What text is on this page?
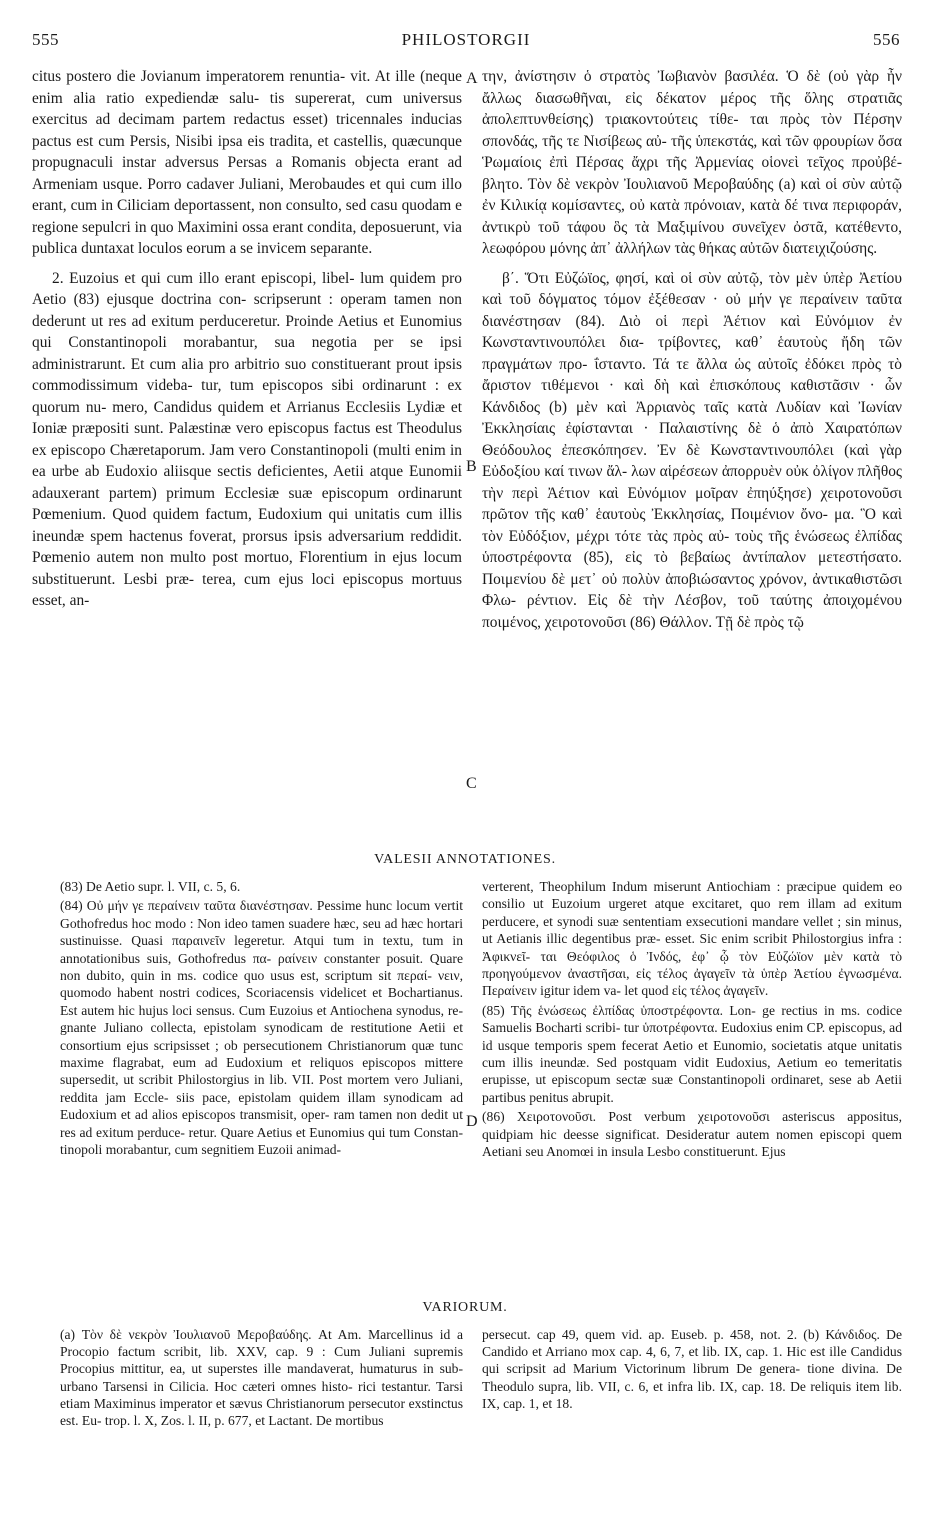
555	PHILOSTORGII	556

citus postero die Jovianum imperatorem renuntia- vit. At ille (neque enim alia ratio expediendæ salu- tis supererat, cum universus exercitus ad decimam partem redactus esset) tricennales inducias pactus est cum Persis, Nisibi ipsa eis tradita, et castellis, quæcunque propugnaculi instar adversus Persas a Romanis objecta erant ad Armeniam usque. Porro cadaver Juliani, Merobaudes et qui cum illo erant, cum in Ciliciam deportassent, non consulto, sed casu quodam e regione sepulcri in quo Maximini ossa erant condita, deposuerunt, via publica duntaxat loculos eorum a se invicem separante.

2. Euzoius et qui cum illo erant episcopi, libel- lum quidem pro Aetio (83) ejusque doctrina con- scripserunt : operam tamen non dederunt ut res ad exitum perduceretur. Proinde Aetius et Eunomius qui Constantinopoli morabantur, sua negotia per se ipsi administrarunt. Et cum alia pro arbitrio suo constituerant prout ipsis commodissimum videba- tur, tum episcopos sibi ordinarunt : ex quorum nu- mero, Candidus quidem et Arrianus Ecclesiis Lydiæ et Ioniæ præpositi sunt. Palæstinæ vero episcopus factus est Theodulus ex episcopo Chæretaporum. Jam vero Constantinopoli (multi enim in ea urbe ab Eudoxio aliisque sectis deficientes, Aetii atque Eunomii adauxerant partem) primum Ecclesiæ suæ episcopum ordinarunt Pœmenium. Quod quidem factum, Eudoxium qui unitatis cum illis ineundæ spem hactenus foverat, prorsus ipsis adversarium reddidit. Pœmenio autem non multo post mortuo, Florentium in ejus locum substituerunt. Lesbi præ- terea, cum ejus loci episcopus mortuus esset, an-

A
B
C
D

την, ἀνίστησιν ὁ στρατὸς Ἰωβιανὸν βασιλέα. Ὁ δὲ (οὐ γὰρ ἦν ἄλλως διασωθῆναι, εἰς δέκατον μέρος τῆς ὅλης στρατιᾶς ἀπολεπτυνθείσης) τριακοντούτεις τίθε- ται πρὸς τὸν Πέρσην σπονδάς, τῆς τε Νισίβεως αὐ- τῆς ὑπεκστάς, καὶ τῶν φρουρίων ὅσα Ῥωμαίοις ἐπὶ Πέρσας ἄχρι τῆς Ἀρμενίας οἱονεὶ τεῖχος προὐβέ- βλητο. Τὸν δὲ νεκρὸν Ἰουλιανοῦ Μεροβαύδης (a) καὶ οἱ σὺν αὐτῷ ἐν Κιλικίᾳ κομίσαντες, οὐ κατὰ πρόνοιαν, κατὰ δέ τινα περιφοράν, ἀντικρὺ τοῦ τάφου ὃς τὰ Μαξιμίνου συνεῖχεν ὀστᾶ, κατέθεντο, λεωφόρου μόνης ἀπ᾽ ἀλλήλων τὰς θήκας αὐτῶν διατειχιζούσης.

β΄. Ὅτι Εὐζώϊος, φησί, καὶ οἱ σὺν αὐτῷ, τὸν μὲν ὑπὲρ Ἀετίου καὶ τοῦ δόγματος τόμον ἐξέθεσαν · οὐ μήν γε περαίνειν ταῦτα διανέστησαν (84). Διὸ οἱ περὶ Ἀέτιον καὶ Εὐνόμιον ἐν Κωνσταντινουπόλει δια- τρίβοντες, καθ᾽ ἑαυτοὺς ἤδη τῶν πραγμάτων προ- ΐσταντο. Τά τε ἄλλα ὡς αὐτοῖς ἐδόκει πρὸς τὸ ἄριστον τιθέμενοι · καὶ δὴ καὶ ἐπισκόπους καθιστᾶσιν · ὧν Κάνδιδος (b) μὲν καὶ Ἀρριανὸς ταῖς κατὰ Λυδίαν καὶ Ἰωνίαν Ἐκκλησίαις ἐφίστανται · Παλαιστίνης δὲ ὁ ἀπὸ Χαιρατόπων Θεόδουλος ἐπεσκόπησεν. Ἐν δὲ Κωνσταντινουπόλει (καὶ γὰρ Εὐδοξίου καί τινων ἄλ- λων αἱρέσεων ἀπορρυὲν οὐκ ὀλίγον πλῆθος τὴν περὶ Ἀέτιον καὶ Εὐνόμιον μοῖραν ἐπηύξησε) χειροτονοῦσι πρῶτον τῆς καθ᾽ ἑαυτοὺς Ἐκκλησίας, Ποιμένιον ὄνο- μα. Ὃ καὶ τὸν Εὐδόξιον, μέχρι τότε τὰς πρὸς αὐ- τοὺς τῆς ἑνώσεως ἐλπίδας ὑποστρέφοντα (85), εἰς τὸ βεβαίως ἀντίπαλον μετεστήσατο. Ποιμενίου δὲ μετ᾽ οὐ πολὺν ἀποβιώσαντος χρόνον, ἀντικαθιστῶσι Φλω- ρέντιον. Εἰς δὲ τὴν Λέσβον, τοῦ ταύτης ἀποιχομένου ποιμένος, χειροτονοῦσι (86) Θάλλον. Τῇ δὲ πρὸς τῷ

VALESII ANNOTATIONES.

(83) De Aetio supr. l. VII, c. 5, 6.

(84) Οὐ μήν γε περαίνειν ταῦτα διανέστησαν. Pessime hunc locum vertit Gothofredus hoc modo : Non ideo tamen suadere hæc, seu ad hæc hortari sustinuisse. Quasi παραινεῖν legeretur. Atqui tum in textu, tum in annotationibus suis, Gothofredus πα- ραίνειν constanter posuit. Quare non dubito, quin in ms. codice quo usus est, scriptum sit περαί- νειν, quomodo habent nostri codices, Scoriacensis videlicet et Bochartianus. Est autem hic hujus loci sensus. Cum Euzoius et Antiochena synodus, re- gnante Juliano collecta, epistolam synodicam de restitutione Aetii et consortium ejus scripsisset ; ob persecutionem Christianorum quæ tunc maxime flagrabat, eum ad Eudoxium et reliquos episcopos mittere supersedit, ut scribit Philostorgius in lib. VII. Post mortem vero Juliani, reddita jam Eccle- siis pace, epistolam quidem illam synodicam ad Eudoxium et ad alios episcopos transmisit, oper- ram tamen non dedit ut res ad exitum perduce- retur. Quare Aetius et Eunomius qui tum Constan- tinopoli morabantur, cum segnitiem Euzoii animad-

verterent, Theophilum Indum miserunt Antiochiam : præcipue quidem eo consilio ut Euzoium urgeret atque excitaret, quo rem illam ad exitum perducere, et synodi suæ sententiam exsecutioni mandare vellet ; sin minus, ut Aetianis illic degentibus præ- esset. Sic enim scribit Philostorgius infra : Ἀφικνεῖ- ται Θεόφιλος ὁ Ἰνδός, ἐφ᾽ ᾧ τὸν Εὐζώϊον μὲν κατὰ τὸ προηγούμενον ἀναστῆσαι, εἰς τέλος ἀγαγεῖν τὰ ὑπὲρ Ἀετίου ἐγνωσμένα. Περαίνειν igitur idem va- let quod εἰς τέλος ἀγαγεῖν.

(85) Τῆς ἑνώσεως ἐλπίδας ὑποστρέφοντα. Lon- ge rectius in ms. codice Samuelis Bocharti scribi- tur ὑποτρέφοντα. Eudoxius enim CP. episcopus, ad id usque temporis spem fecerat Aetio et Eunomio, societatis atque unitatis cum illis ineundæ. Sed postquam vidit Eudoxius, Aetium eo temeritatis erupisse, ut episcopum sectæ suæ Constantinopoli ordinaret, sese ab Aetii partibus penitus abrupit.

(86) Χειροτονοῦσι. Post verbum χειροτονοῦσι asteriscus appositus, quidpiam hic deesse significat. Desideratur autem nomen episcopi quem Aetiani seu Anomœi in insula Lesbo constituerunt. Ejus

VARIORUM.

(a) Τὸν δὲ νεκρὸν Ἰουλιανοῦ Μεροβαύδης. At Am. Marcellinus id a Procopio factum scribit, lib. XXV, cap. 9 : Cum Juliani supremis Procopius mittitur, ea, ut superstes ille mandaverat, humaturus in sub- urbano Tarsensi in Cilicia. Hoc cæteri omnes histo- rici testantur. Tarsi etiam Maximinus imperator et sævus Christianorum persecutor exstinctus est. Eu- trop. l. X, Zos. l. II, p. 677, et Lactant. De mortibus

persecut. cap 49, quem vid. ap. Euseb. p. 458, not. 2. (b) Κάνδιδος. De Candido et Arriano mox cap. 4, 6, 7, et lib. IX, cap. 1. Hic est ille Candidus qui scripsit ad Marium Victorinum librum De genera- tione divina. De Theodulo supra, lib. VII, c. 6, et infra lib. IX, cap. 18. De reliquis item lib. IX, cap. 1, et 18.
